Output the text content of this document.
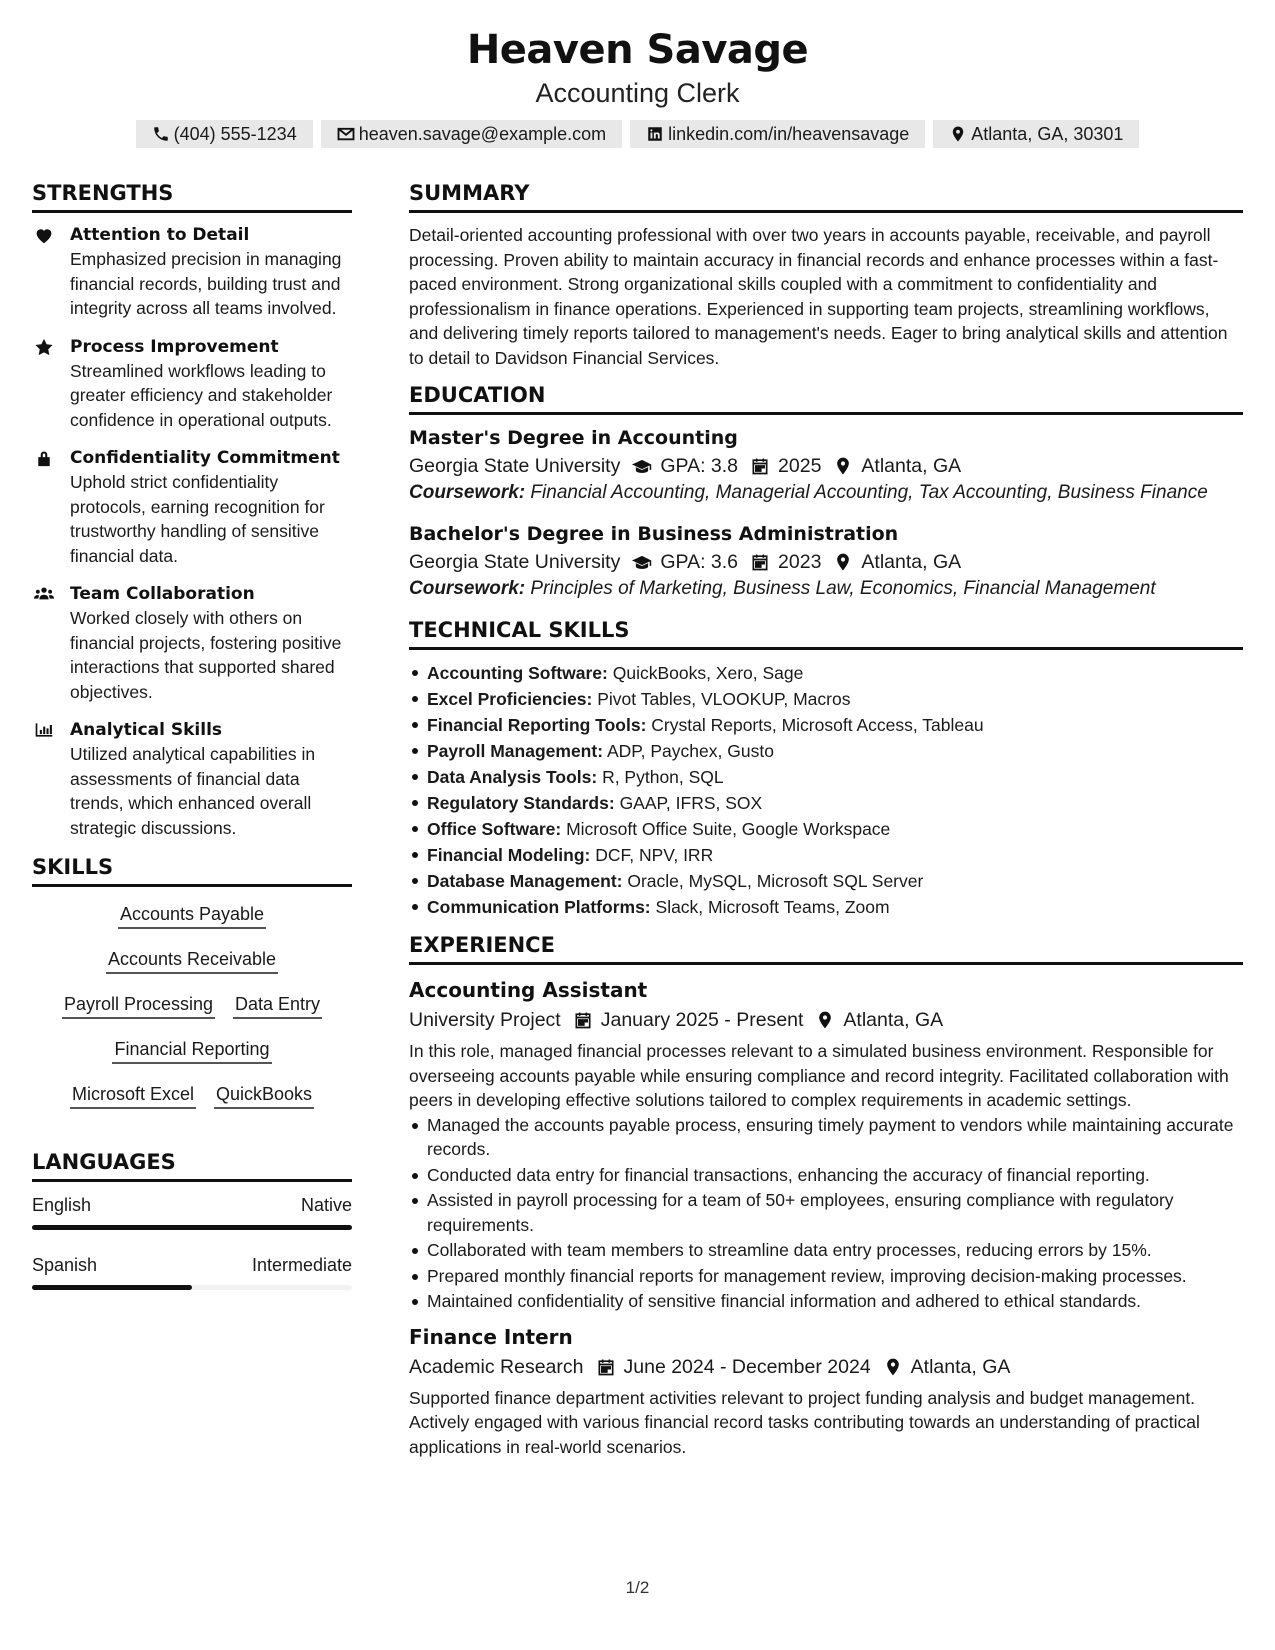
Heaven Savage
Accounting Clerk
(404) 555-1234	heaven.savage@example.com	linkedin.com/in/heavensavage	Atlanta, GA, 30301
STRENGTHS
Attention to Detail
Emphasized precision in managing financial records, building trust and integrity across all teams involved.
Process Improvement
Streamlined workflows leading to greater efficiency and stakeholder confidence in operational outputs.
Confidentiality Commitment
Uphold strict confidentiality protocols, earning recognition for trustworthy handling of sensitive financial data.
Team Collaboration
Worked closely with others on financial projects, fostering positive interactions that supported shared objectives.
Analytical Skills
Utilized analytical capabilities in assessments of financial data trends, which enhanced overall strategic discussions.
SKILLS
Accounts Payable
Accounts Receivable
Payroll Processing Data Entry
Financial Reporting
Microsoft Excel QuickBooks
LANGUAGES
English	Native
Spanish	Intermediate
SUMMARY
Detail-oriented accounting professional with over two years in accounts payable, receivable, and payroll processing. Proven ability to maintain accuracy in financial records and enhance processes within a fast-paced environment. Strong organizational skills coupled with a commitment to confidentiality and professionalism in finance operations. Experienced in supporting team projects, streamlining workflows, and delivering timely reports tailored to management's needs. Eager to bring analytical skills and attention to detail to Davidson Financial Services.
EDUCATION
Master's Degree in Accounting
Georgia State University GPA: 3.8 2025 Atlanta, GA
Coursework: Financial Accounting, Managerial Accounting, Tax Accounting, Business Finance
Bachelor's Degree in Business Administration
Georgia State University GPA: 3.6 2023 Atlanta, GA
Coursework: Principles of Marketing, Business Law, Economics, Financial Management
TECHNICAL SKILLS
Accounting Software: QuickBooks, Xero, Sage
Excel Proficiencies: Pivot Tables, VLOOKUP, Macros
Financial Reporting Tools: Crystal Reports, Microsoft Access, Tableau
Payroll Management: ADP, Paychex, Gusto
Data Analysis Tools: R, Python, SQL
Regulatory Standards: GAAP, IFRS, SOX
Office Software: Microsoft Office Suite, Google Workspace
Financial Modeling: DCF, NPV, IRR
Database Management: Oracle, MySQL, Microsoft SQL Server
Communication Platforms: Slack, Microsoft Teams, Zoom
EXPERIENCE
Accounting Assistant
University Project January 2025 - Present Atlanta, GA
In this role, managed financial processes relevant to a simulated business environment. Responsible for overseeing accounts payable while ensuring compliance and record integrity. Facilitated collaboration with peers in developing effective solutions tailored to complex requirements in academic settings.
Managed the accounts payable process, ensuring timely payment to vendors while maintaining accurate records.
Conducted data entry for financial transactions, enhancing the accuracy of financial reporting.
Assisted in payroll processing for a team of 50+ employees, ensuring compliance with regulatory requirements.
Collaborated with team members to streamline data entry processes, reducing errors by 15%.
Prepared monthly financial reports for management review, improving decision-making processes.
Maintained confidentiality of sensitive financial information and adhered to ethical standards.
Finance Intern
Academic Research June 2024 - December 2024 Atlanta, GA
Supported finance department activities relevant to project funding analysis and budget management. Actively engaged with various financial record tasks contributing towards an understanding of practical applications in real-world scenarios.
1/2
